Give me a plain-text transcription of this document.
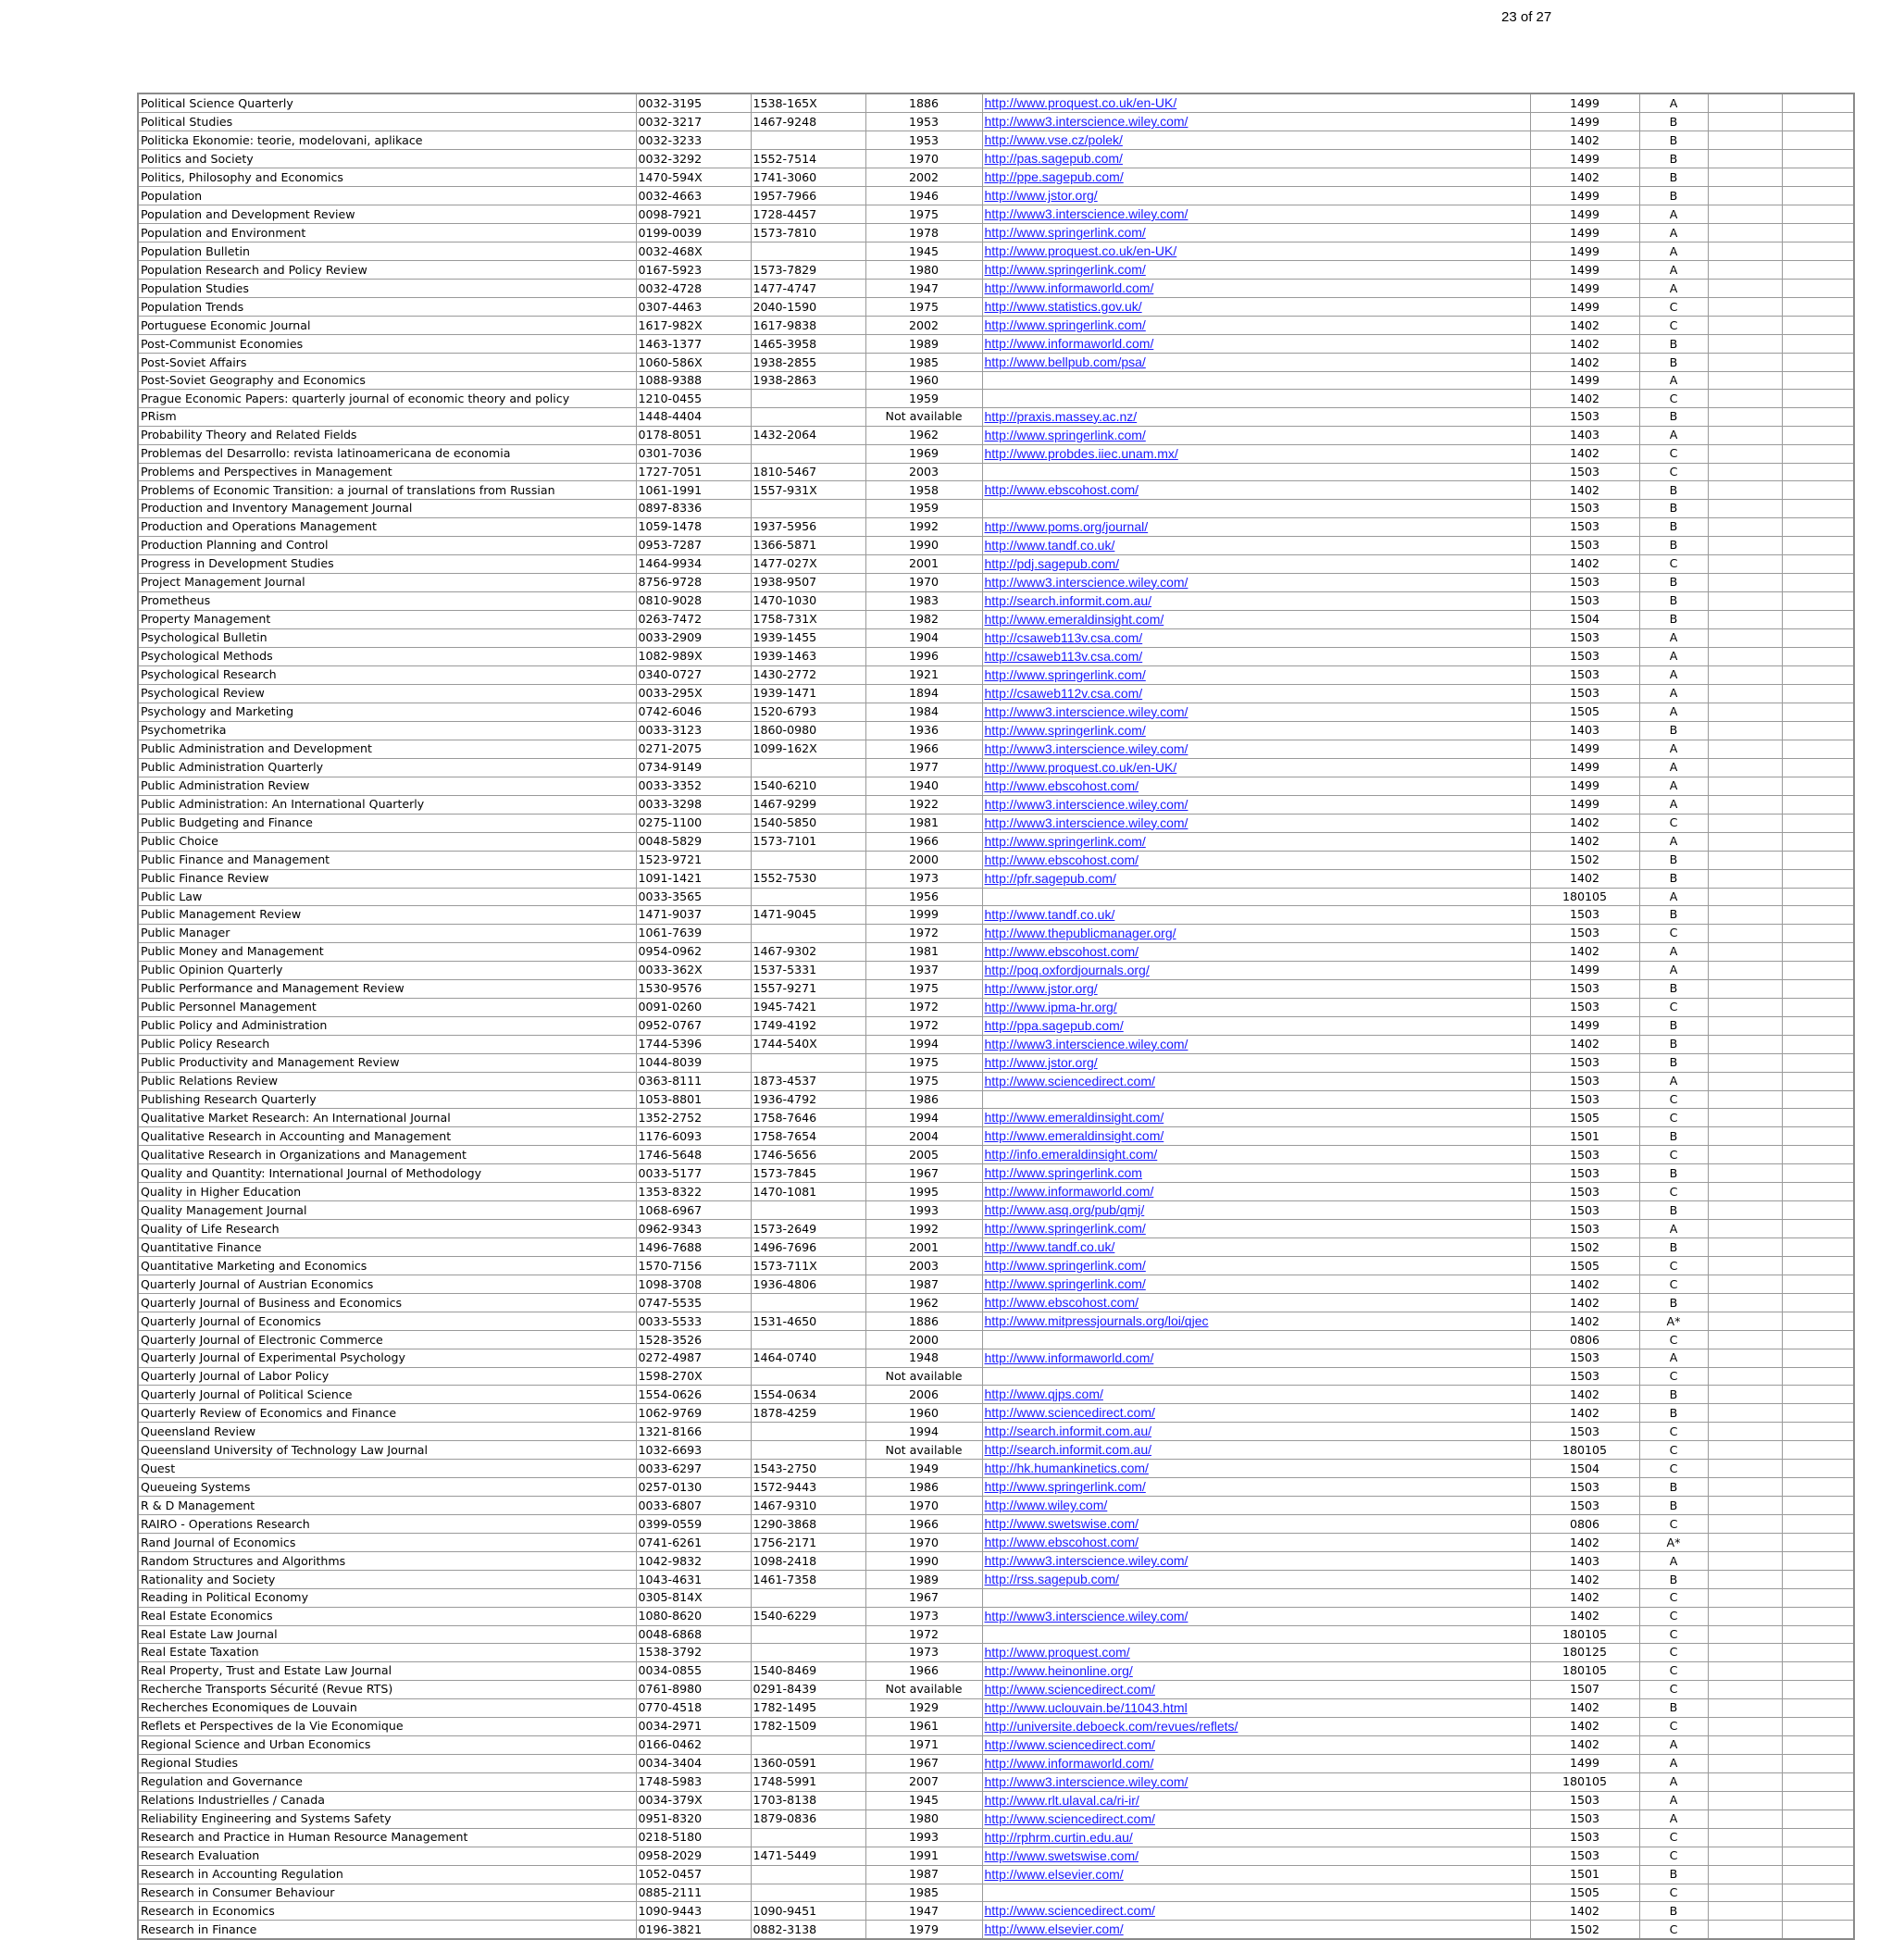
23 of 27
Political Science Quarterly	0032-3195	1538-165X	1886	http://www.proquest.co.uk/en-UK/	1499	A		
Political Studies	0032-3217	1467-9248	1953	http://www3.interscience.wiley.com/	1499	B		
Politicka Ekonomie: teorie, modelovani, aplikace	0032-3233		1953	http://www.vse.cz/polek/	1402	B		
Politics and Society	0032-3292	1552-7514	1970	http://pas.sagepub.com/	1499	B		
Politics, Philosophy and Economics	1470-594X	1741-3060	2002	http://ppe.sagepub.com/	1402	B		
Population	0032-4663	1957-7966	1946	http://www.jstor.org/	1499	B		
Population and Development Review	0098-7921	1728-4457	1975	http://www3.interscience.wiley.com/	1499	A		
Population and Environment	0199-0039	1573-7810	1978	http://www.springerlink.com/	1499	A		
Population Bulletin	0032-468X		1945	http://www.proquest.co.uk/en-UK/	1499	A		
Population Research and Policy Review	0167-5923	1573-7829	1980	http://www.springerlink.com/	1499	A		
Population Studies	0032-4728	1477-4747	1947	http://www.informaworld.com/	1499	A		
Population Trends	0307-4463	2040-1590	1975	http://www.statistics.gov.uk/	1499	C		
Portuguese Economic Journal	1617-982X	1617-9838	2002	http://www.springerlink.com/	1402	C		
Post-Communist Economies	1463-1377	1465-3958	1989	http://www.informaworld.com/	1402	B		
Post-Soviet Affairs	1060-586X	1938-2855	1985	http://www.bellpub.com/psa/	1402	B		
Post-Soviet Geography and Economics	1088-9388	1938-2863	1960		1499	A		
Prague Economic Papers: quarterly journal of economic theory and policy	1210-0455		1959		1402	C		
PRism	1448-4404		Not available	http://praxis.massey.ac.nz/	1503	B		
Probability Theory and Related Fields	0178-8051	1432-2064	1962	http://www.springerlink.com/	1403	A		
Problemas del Desarrollo: revista latinoamericana de economia	0301-7036		1969	http://www.probdes.iiec.unam.mx/	1402	C		
Problems and Perspectives in Management	1727-7051	1810-5467	2003		1503	C		
Problems of Economic Transition: a journal of translations from Russian	1061-1991	1557-931X	1958	http://www.ebscohost.com/	1402	B		
Production and Inventory Management Journal	0897-8336		1959		1503	B		
Production and Operations Management	1059-1478	1937-5956	1992	http://www.poms.org/journal/	1503	B		
Production Planning and Control	0953-7287	1366-5871	1990	http://www.tandf.co.uk/	1503	B		
Progress in Development Studies	1464-9934	1477-027X	2001	http://pdj.sagepub.com/	1402	C		
Project Management Journal	8756-9728	1938-9507	1970	http://www3.interscience.wiley.com/	1503	B		
Prometheus	0810-9028	1470-1030	1983	http://search.informit.com.au/	1503	B		
Property Management	0263-7472	1758-731X	1982	http://www.emeraldinsight.com/	1504	B		
Psychological Bulletin	0033-2909	1939-1455	1904	http://csaweb113v.csa.com/	1503	A		
Psychological Methods	1082-989X	1939-1463	1996	http://csaweb113v.csa.com/	1503	A		
Psychological Research	0340-0727	1430-2772	1921	http://www.springerlink.com/	1503	A		
Psychological Review	0033-295X	1939-1471	1894	http://csaweb112v.csa.com/	1503	A		
Psychology and Marketing	0742-6046	1520-6793	1984	http://www3.interscience.wiley.com/	1505	A		
Psychometrika	0033-3123	1860-0980	1936	http://www.springerlink.com/	1403	B		
Public Administration and Development	0271-2075	1099-162X	1966	http://www3.interscience.wiley.com/	1499	A		
Public Administration Quarterly	0734-9149		1977	http://www.proquest.co.uk/en-UK/	1499	A		
Public Administration Review	0033-3352	1540-6210	1940	http://www.ebscohost.com/	1499	A		
Public Administration: An International Quarterly	0033-3298	1467-9299	1922	http://www3.interscience.wiley.com/	1499	A		
Public Budgeting and Finance	0275-1100	1540-5850	1981	http://www3.interscience.wiley.com/	1402	C		
Public Choice	0048-5829	1573-7101	1966	http://www.springerlink.com/	1402	A		
Public Finance and Management	1523-9721		2000	http://www.ebscohost.com/	1502	B		
Public Finance Review	1091-1421	1552-7530	1973	http://pfr.sagepub.com/	1402	B		
Public Law	0033-3565		1956		180105	A		
Public Management Review	1471-9037	1471-9045	1999	http://www.tandf.co.uk/	1503	B		
Public Manager	1061-7639		1972	http://www.thepublicmanager.org/	1503	C		
Public Money and Management	0954-0962	1467-9302	1981	http://www.ebscohost.com/	1402	A		
Public Opinion Quarterly	0033-362X	1537-5331	1937	http://poq.oxfordjournals.org/	1499	A		
Public Performance and Management Review	1530-9576	1557-9271	1975	http://www.jstor.org/	1503	B		
Public Personnel Management	0091-0260	1945-7421	1972	http://www.ipma-hr.org/	1503	C		
Public Policy and Administration	0952-0767	1749-4192	1972	http://ppa.sagepub.com/	1499	B		
Public Policy Research	1744-5396	1744-540X	1994	http://www3.interscience.wiley.com/	1402	B		
Public Productivity and Management Review	1044-8039		1975	http://www.jstor.org/	1503	B		
Public Relations Review	0363-8111	1873-4537	1975	http://www.sciencedirect.com/	1503	A		
Publishing Research Quarterly	1053-8801	1936-4792	1986		1503	C		
Qualitative Market Research: An International Journal	1352-2752	1758-7646	1994	http://www.emeraldinsight.com/	1505	C		
Qualitative Research in Accounting and Management	1176-6093	1758-7654	2004	http://www.emeraldinsight.com/	1501	B		
Qualitative Research in Organizations and Management	1746-5648	1746-5656	2005	http://info.emeraldinsight.com/	1503	C		
Quality and Quantity: International Journal of Methodology	0033-5177	1573-7845	1967	http://www.springerlink.com	1503	B		
Quality in Higher Education	1353-8322	1470-1081	1995	http://www.informaworld.com/	1503	C		
Quality Management Journal	1068-6967		1993	http://www.asq.org/pub/qmj/	1503	B		
Quality of Life Research	0962-9343	1573-2649	1992	http://www.springerlink.com/	1503	A		
Quantitative Finance	1496-7688	1496-7696	2001	http://www.tandf.co.uk/	1502	B		
Quantitative Marketing and Economics	1570-7156	1573-711X	2003	http://www.springerlink.com/	1505	C		
Quarterly Journal of Austrian Economics	1098-3708	1936-4806	1987	http://www.springerlink.com/	1402	C		
Quarterly Journal of Business and Economics	0747-5535		1962	http://www.ebscohost.com/	1402	B		
Quarterly Journal of Economics	0033-5533	1531-4650	1886	http://www.mitpressjournals.org/loi/qjec	1402	A*		
Quarterly Journal of Electronic Commerce	1528-3526		2000		0806	C		
Quarterly Journal of Experimental Psychology	0272-4987	1464-0740	1948	http://www.informaworld.com/	1503	A		
Quarterly Journal of Labor Policy	1598-270X		Not available		1503	C		
Quarterly Journal of Political Science	1554-0626	1554-0634	2006	http://www.qjps.com/	1402	B		
Quarterly Review of Economics and Finance	1062-9769	1878-4259	1960	http://www.sciencedirect.com/	1402	B		
Queensland Review	1321-8166		1994	http://search.informit.com.au/	1503	C		
Queensland University of Technology Law Journal	1032-6693		Not available	http://search.informit.com.au/	180105	C		
Quest	0033-6297	1543-2750	1949	http://hk.humankinetics.com/	1504	C		
Queueing Systems	0257-0130	1572-9443	1986	http://www.springerlink.com/	1503	B		
R & D Management	0033-6807	1467-9310	1970	http://www.wiley.com/	1503	B		
RAIRO - Operations Research	0399-0559	1290-3868	1966	http://www.swetswise.com/	0806	C		
Rand Journal of Economics	0741-6261	1756-2171	1970	http://www.ebscohost.com/	1402	A*		
Random Structures and Algorithms	1042-9832	1098-2418	1990	http://www3.interscience.wiley.com/	1403	A		
Rationality and Society	1043-4631	1461-7358	1989	http://rss.sagepub.com/	1402	B		
Reading in Political Economy	0305-814X		1967		1402	C		
Real Estate Economics	1080-8620	1540-6229	1973	http://www3.interscience.wiley.com/	1402	C		
Real Estate Law Journal	0048-6868		1972		180105	C		
Real Estate Taxation	1538-3792		1973	http://www.proquest.com/	180125	C		
Real Property, Trust and Estate Law Journal	0034-0855	1540-8469	1966	http://www.heinonline.org/	180105	C		
Recherche Transports Sécurité (Revue RTS)	0761-8980	0291-8439	Not available	http://www.sciencedirect.com/	1507	C		
Recherches Economiques de Louvain	0770-4518	1782-1495	1929	http://www.uclouvain.be/11043.html	1402	B		
Reflets et Perspectives de la Vie Economique	0034-2971	1782-1509	1961	http://universite.deboeck.com/revues/reflets/	1402	C		
Regional Science and Urban Economics	0166-0462		1971	http://www.sciencedirect.com/	1402	A		
Regional Studies	0034-3404	1360-0591	1967	http://www.informaworld.com/	1499	A		
Regulation and Governance	1748-5983	1748-5991	2007	http://www3.interscience.wiley.com/	180105	A		
Relations Industrielles / Canada	0034-379X	1703-8138	1945	http://www.rlt.ulaval.ca/ri-ir/	1503	A		
Reliability Engineering and Systems Safety	0951-8320	1879-0836	1980	http://www.sciencedirect.com/	1503	A		
Research and Practice in Human Resource Management	0218-5180		1993	http://rphrm.curtin.edu.au/	1503	C		
Research Evaluation	0958-2029	1471-5449	1991	http://www.swetswise.com/	1503	C		
Research in Accounting Regulation	1052-0457		1987	http://www.elsevier.com/	1501	B		
Research in Consumer Behaviour	0885-2111		1985		1505	C		
Research in Economics	1090-9443	1090-9451	1947	http://www.sciencedirect.com/	1402	B		
Research in Finance	0196-3821	0882-3138	1979	http://www.elsevier.com/	1502	C		
